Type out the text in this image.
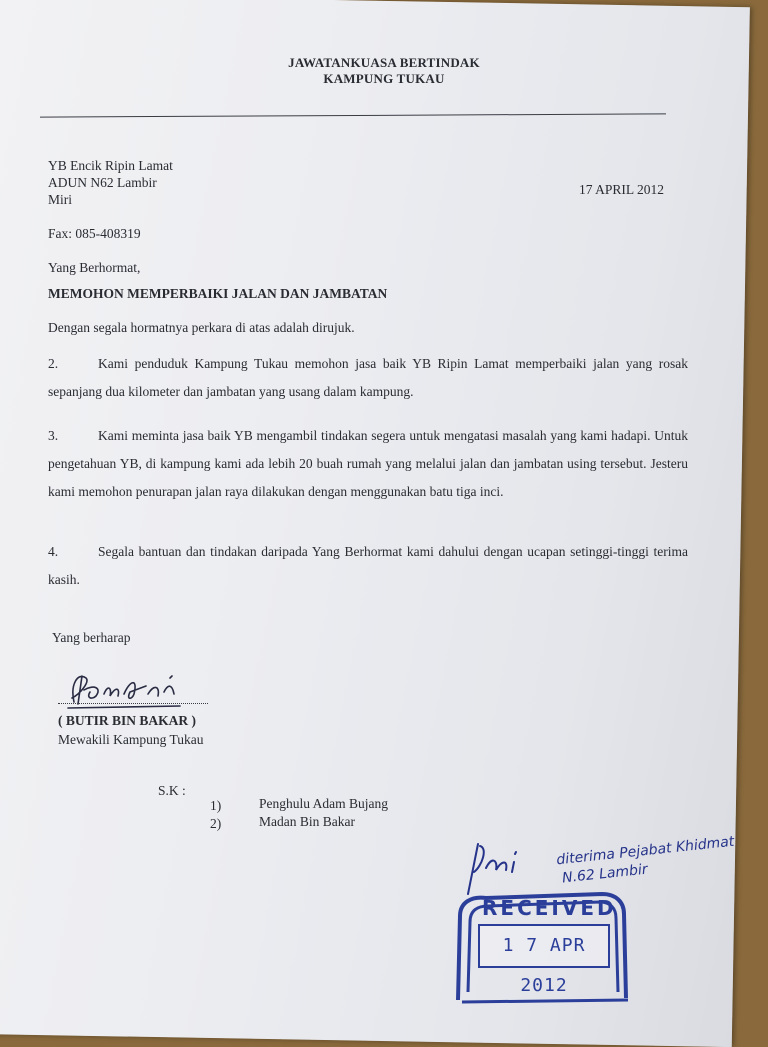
JAWATANKUASA BERTINDAK
KAMPUNG TUKAU
YB Encik Ripin Lamat
ADUN N62 Lambir
Miri
17 APRIL 2012
Fax: 085-408319
Yang Berhormat,
MEMOHON MEMPERBAIKI JALAN DAN JAMBATAN
Dengan segala hormatnya perkara di atas adalah dirujuk.
2.	Kami penduduk Kampung Tukau memohon jasa baik YB Ripin Lamat memperbaiki jalan yang rosak sepanjang dua kilometer dan jambatan yang usang dalam kampung.
3.	Kami meminta jasa baik YB mengambil tindakan segera untuk mengatasi masalah yang kami hadapi. Untuk pengetahuan YB, di kampung kami ada lebih 20 buah rumah yang melalui jalan dan jambatan using tersebut. Jesteru kami memohon penurapan jalan raya dilakukan dengan menggunakan batu tiga inci.
4.	Segala bantuan dan tindakan daripada Yang Berhormat kami dahului dengan ucapan setinggi-tinggi terima kasih.
Yang berharap
( BUTIR BIN BAKAR )
Mewakili Kampung Tukau
S.K :
1)	Penghulu Adam Bujang
2)	Madan Bin Bakar
diterima Pejabat Khidmat
N.62 Lambir
RECEIVED
1 7 APR 2012
